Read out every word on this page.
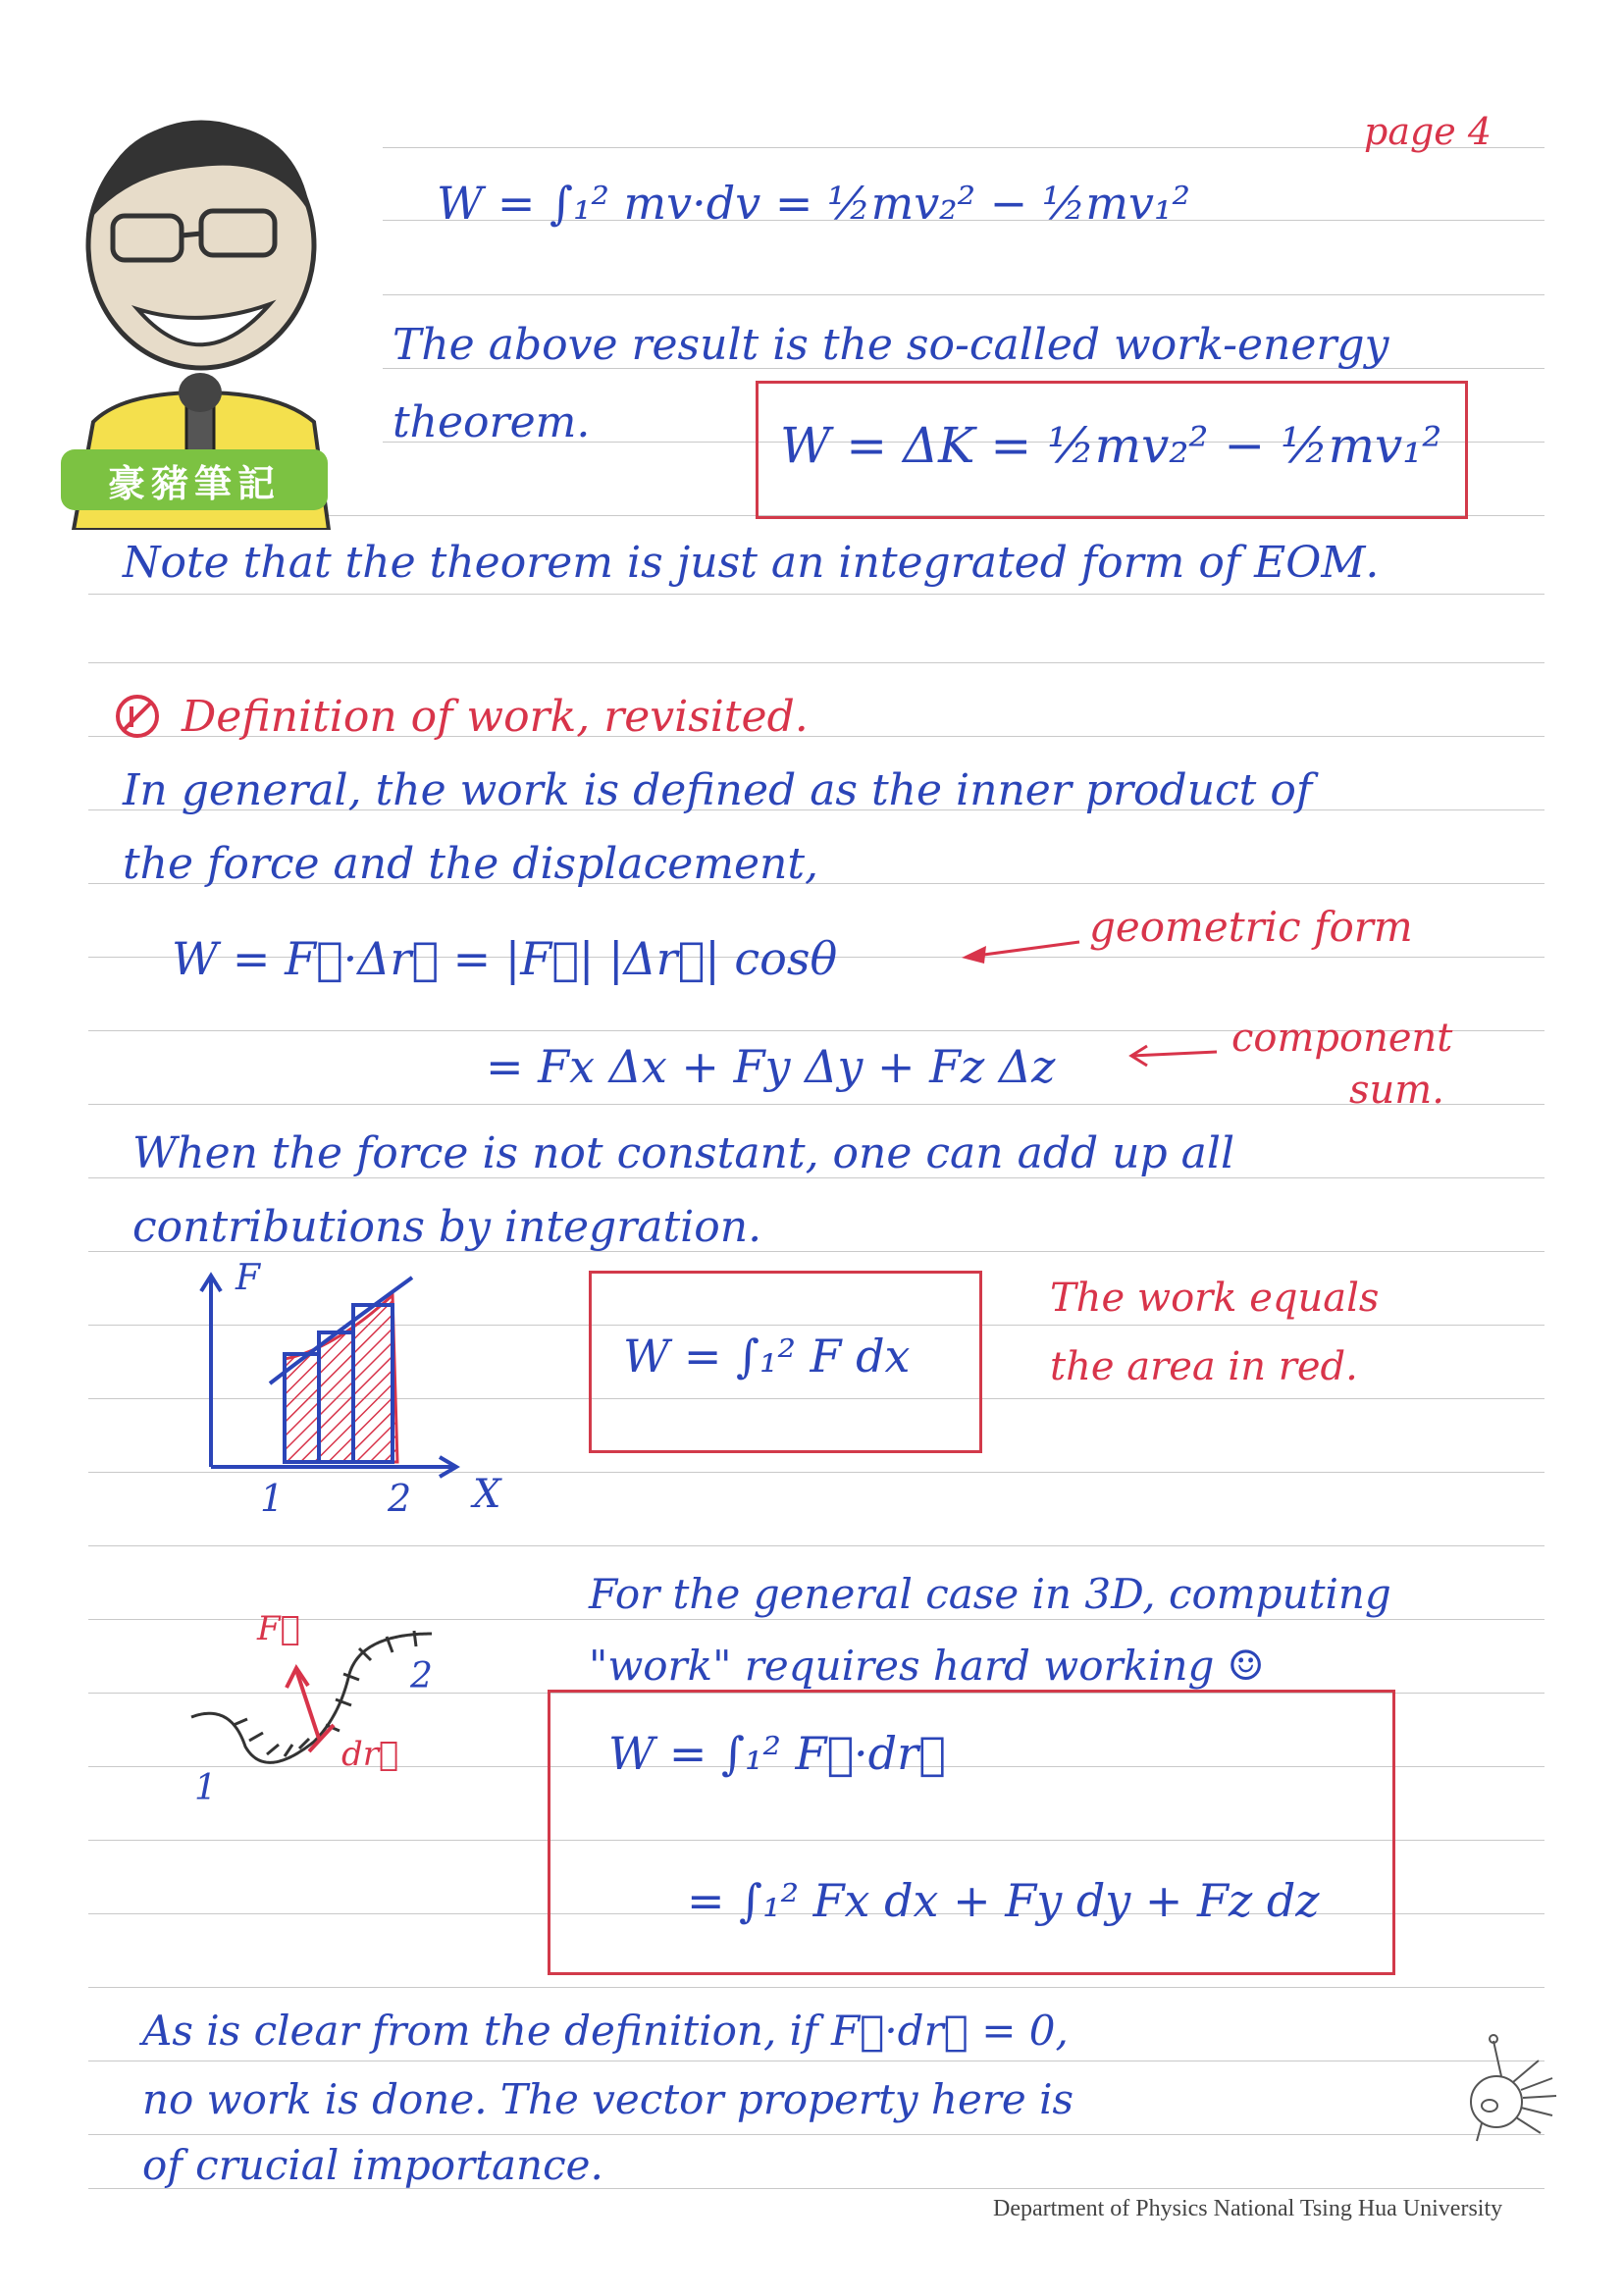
豪豬筆記
page 4
W = ∫₁² mv·dv = ½mv₂² − ½mv₁²
The above result is the so-called work-energy
theorem.	W = ΔK = ½mv₂² − ½mv₁²
Note that the theorem is just an integrated form of EOM.
Definition of work, revisited.
In general, the work is defined as the inner product of
the force and the displacement,
W = F⃗·Δr⃗ = |F⃗| |Δr⃗| cosθ
geometric form
= Fx Δx + Fy Δy + Fz Δz
component
sum.
When the force is not constant, one can add up all
contributions by integration.
F
X
1	2
W = ∫₁² F dx
The work equals
the area in red.
F⃗
dr⃗
1
2
For the general case in 3D, computing
"work" requires hard working ☺
W = ∫₁² F⃗·dr⃗
= ∫₁² Fx dx + Fy dy + Fz dz
As is clear from the definition, if F⃗·dr⃗ = 0,
no work is done. The vector property here is
of crucial importance.
Department of Physics National Tsing Hua University
